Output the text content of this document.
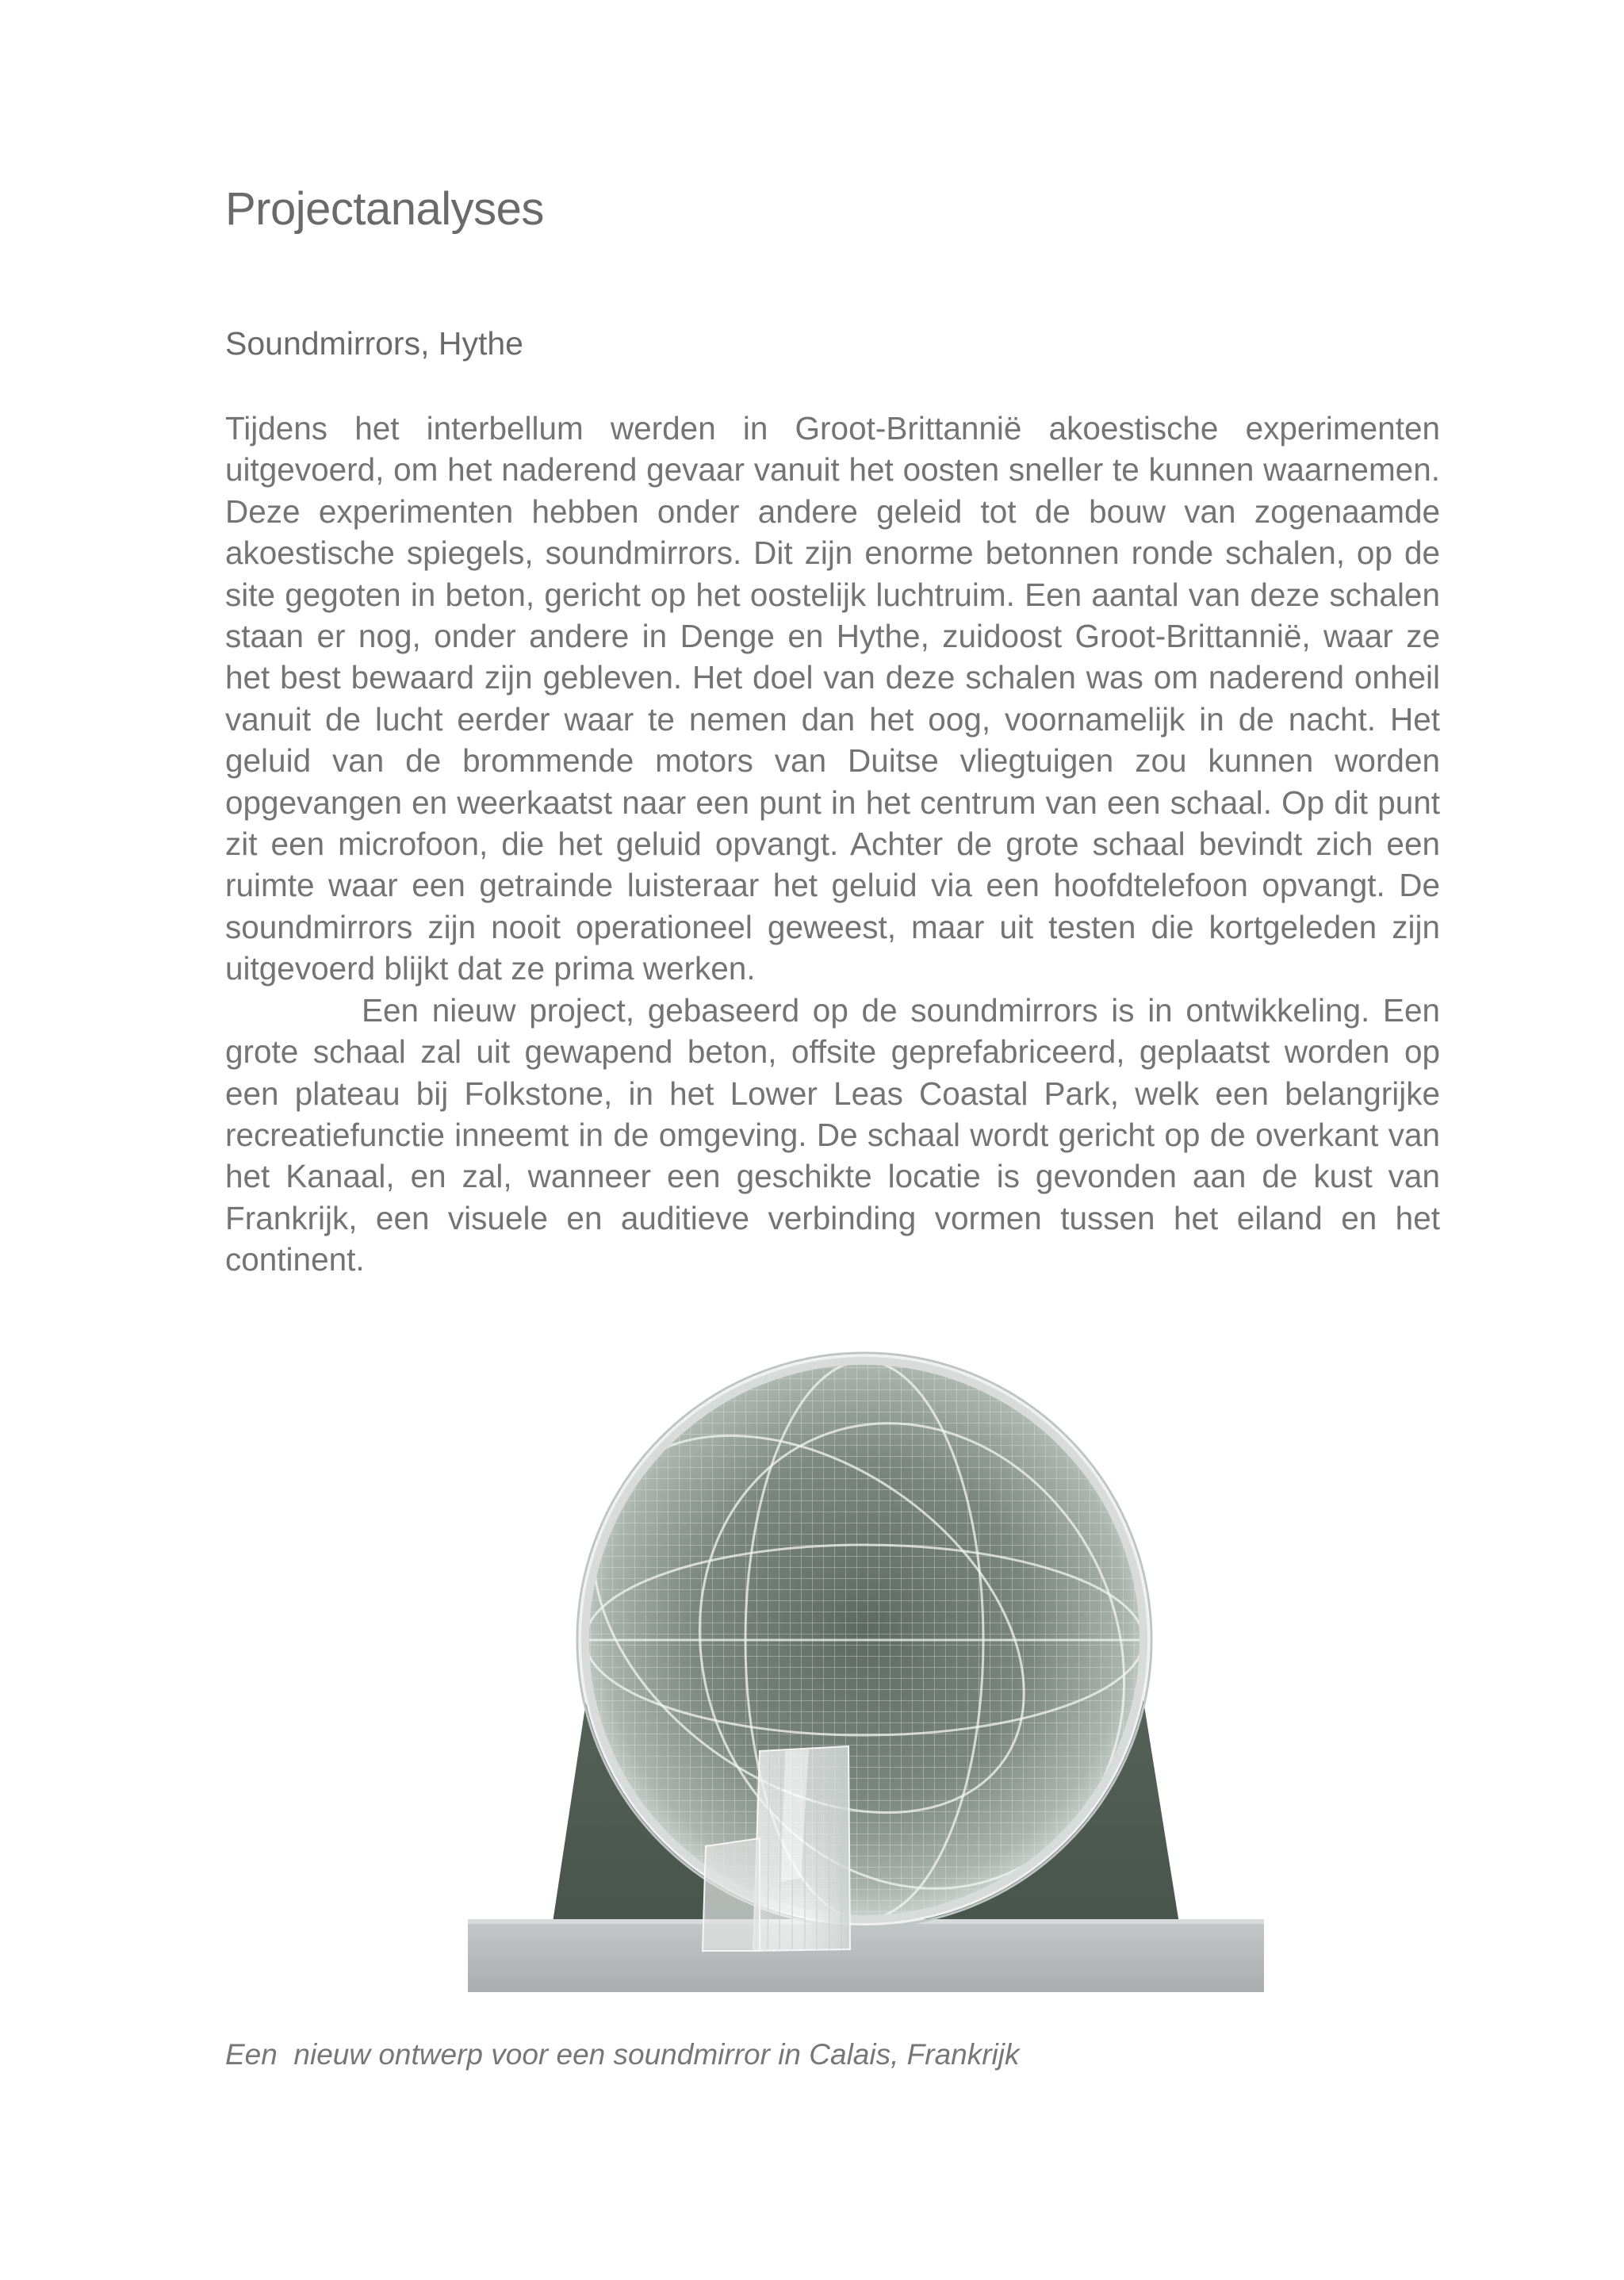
Projectanalyses
Soundmirrors, Hythe

Tijdens het interbellum werden in Groot-Brittannië akoestische experimenten uitgevoerd, om het naderend gevaar vanuit het oosten sneller te kunnen waarnemen. Deze experimenten hebben onder andere geleid tot de bouw van zogenaamde akoestische spiegels, soundmirrors. Dit zijn enorme betonnen ronde schalen, op de site gegoten in beton, gericht op het oostelijk luchtruim. Een aantal van deze schalen staan er nog, onder andere in Denge en Hythe, zuidoost Groot-Brittannië, waar ze het best bewaard zijn gebleven. Het doel van deze schalen was om naderend onheil vanuit de lucht eerder waar te nemen dan het oog, voornamelijk in de nacht. Het geluid van de brommende motors van Duitse vliegtuigen zou kunnen worden opgevangen en weerkaatst naar een punt in het centrum van een schaal. Op dit punt zit een microfoon, die het geluid opvangt. Achter de grote schaal bevindt zich een ruimte waar een getrainde luisteraar het geluid via een hoofdtelefoon opvangt. De soundmirrors zijn nooit operationeel geweest, maar uit testen die kortgeleden zijn uitgevoerd blijkt dat ze prima werken.

Een nieuw project, gebaseerd op de soundmirrors is in ontwikkeling. Een grote schaal zal uit gewapend beton, offsite geprefabriceerd, geplaatst worden op een plateau bij Folkstone, in het Lower Leas Coastal Park, welk een belangrijke recreatiefunctie inneemt in de omgeving. De schaal wordt gericht op de overkant van het Kanaal, en zal, wanneer een geschikte locatie is gevonden aan de kust van Frankrijk, een visuele en auditieve verbinding vormen tussen het eiland en het continent.

Een  nieuw ontwerp voor een soundmirror in Calais, Frankrijk
